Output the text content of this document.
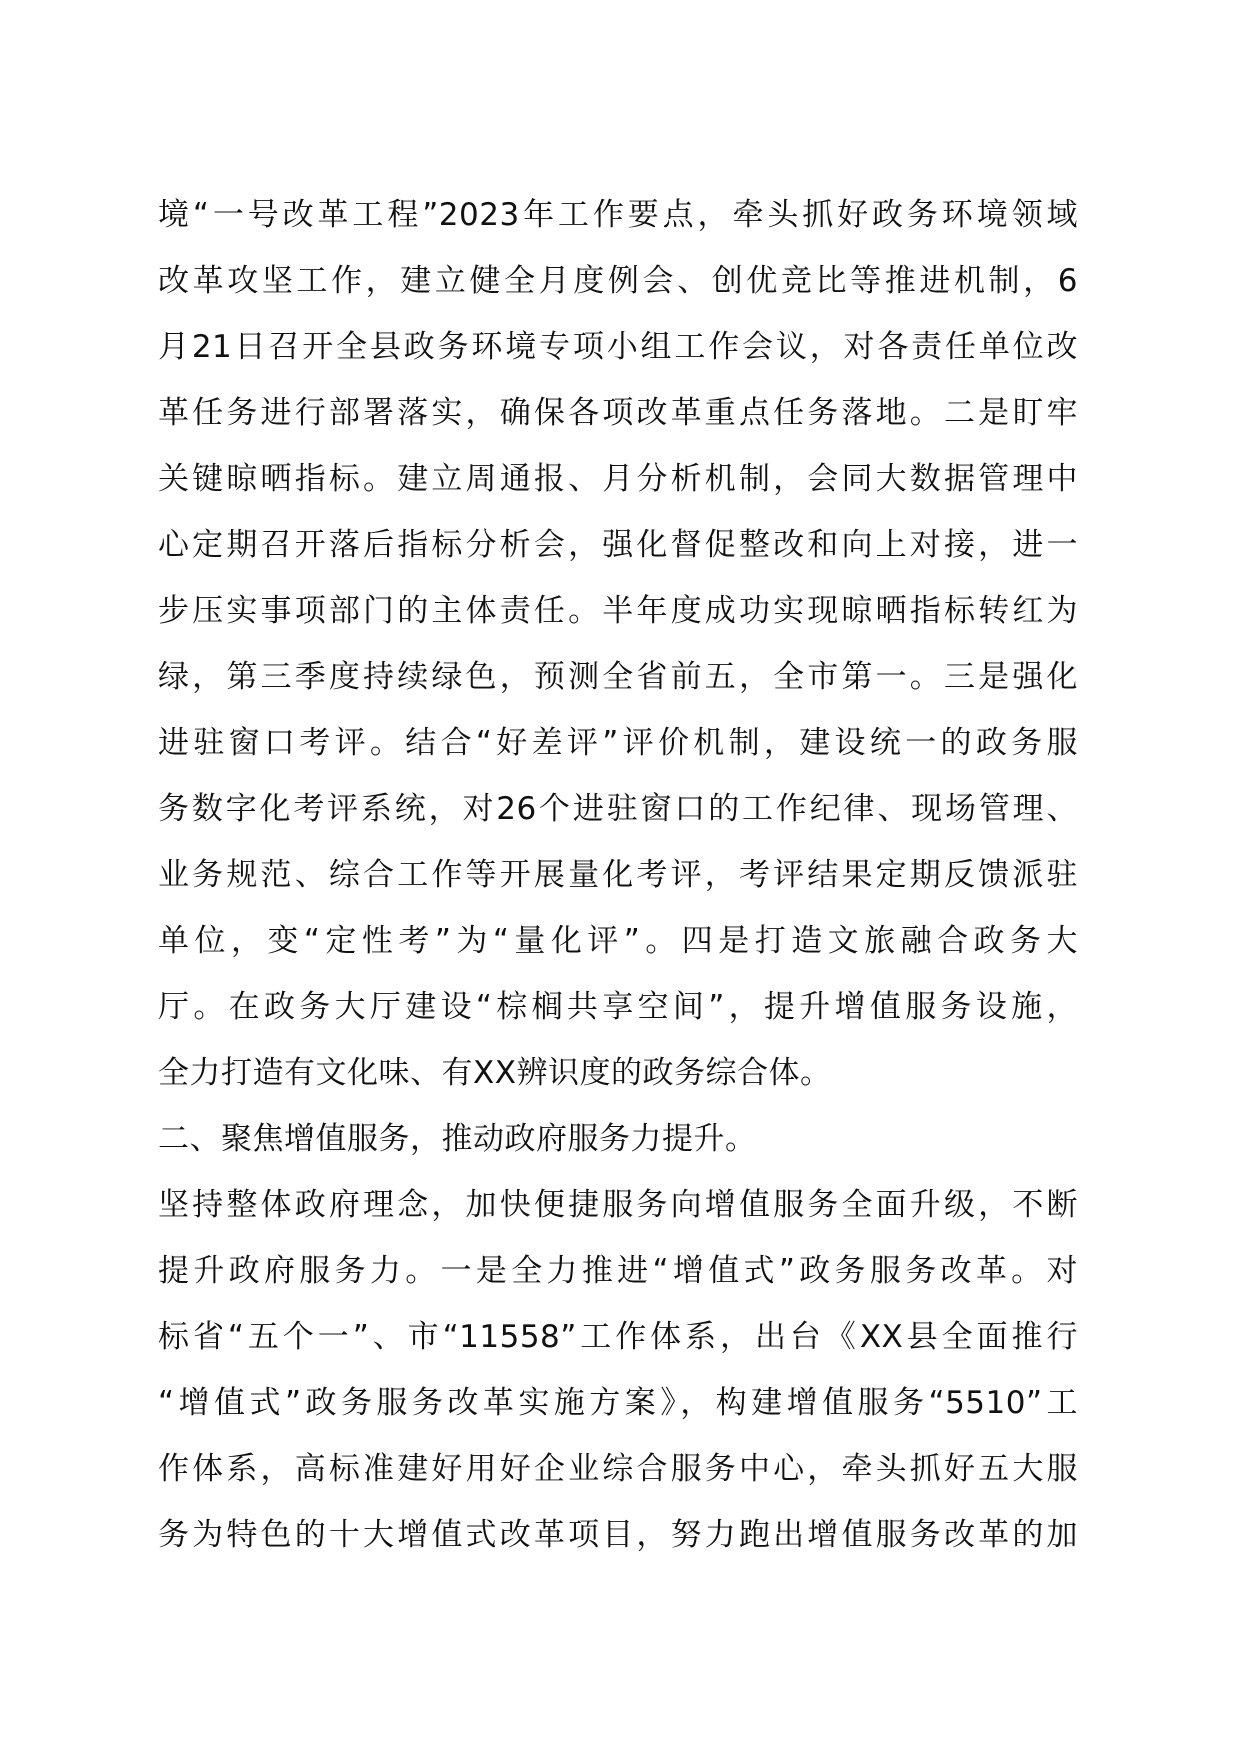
境“一号改革工程”2023年工作要点，牵头抓好政务环境领域
改革攻坚工作，建立健全月度例会、创优竞比等推进机制，6
月21日召开全县政务环境专项小组工作会议，对各责任单位改
革任务进行部署落实，确保各项改革重点任务落地。二是盯牢
关键晾晒指标。建立周通报、月分析机制，会同大数据管理中
心定期召开落后指标分析会，强化督促整改和向上对接，进一
步压实事项部门的主体责任。半年度成功实现晾晒指标转红为
绿，第三季度持续绿色，预测全省前五，全市第一。三是强化
进驻窗口考评。结合“好差评”评价机制，建设统一的政务服
务数字化考评系统，对26个进驻窗口的工作纪律、现场管理、
业务规范、综合工作等开展量化考评，考评结果定期反馈派驻
单位，变“定性考”为“量化评”。四是打造文旅融合政务大
厅。在政务大厅建设“棕榈共享空间”，提升增值服务设施，
全力打造有文化味、有XX辨识度的政务综合体。
二、聚焦增值服务，推动政府服务力提升。
坚持整体政府理念，加快便捷服务向增值服务全面升级，不断
提升政府服务力。一是全力推进“增值式”政务服务改革。对
标省“五个一”、市“11558”工作体系，出台《XX县全面推行
“增值式”政务服务改革实施方案》，构建增值服务“5510”工
作体系，高标准建好用好企业综合服务中心，牵头抓好五大服
务为特色的十大增值式改革项目，努力跑出增值服务改革的加
